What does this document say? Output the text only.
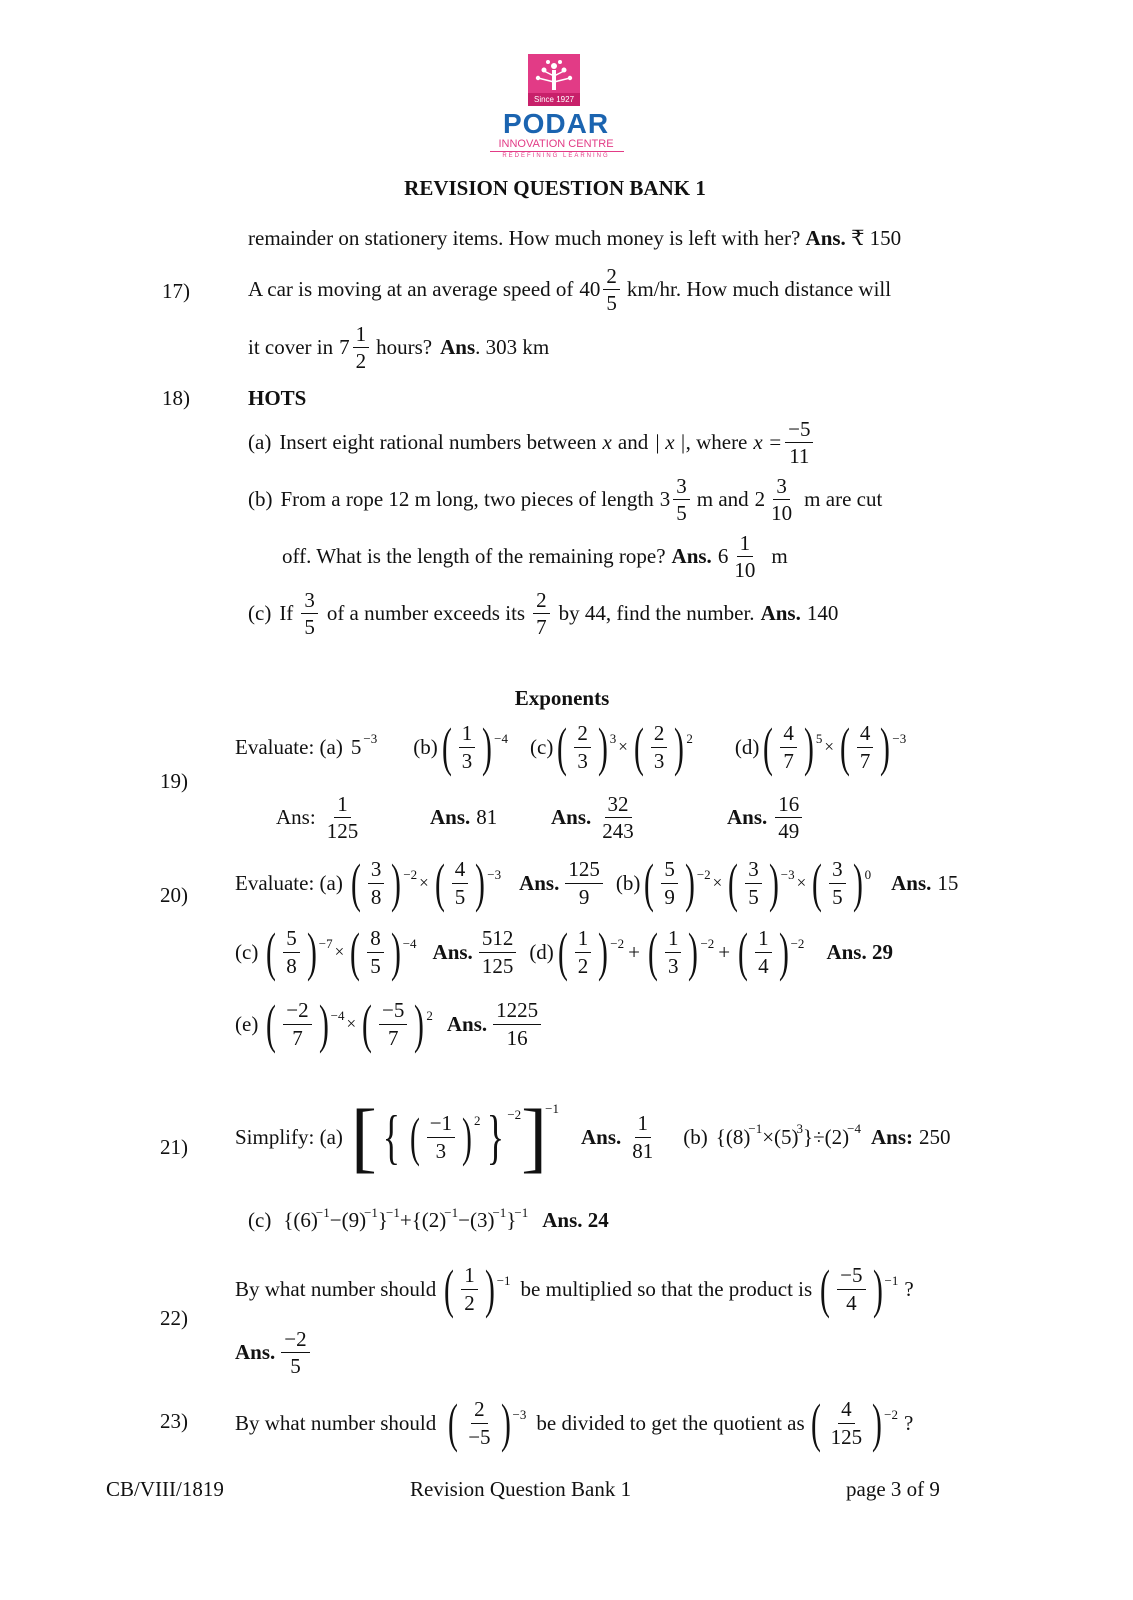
Since 1927
PODAR
INNOVATION CENTRE
REDEFINING LEARNING
REVISION QUESTION BANK 1
remainder on stationery items. How much money is left with her? Ans. ₹ 150
17)	A car is moving at an average speed of $40 \frac{2}{5} km/hr$. How much distance will
it cover in $7 \frac{1}{2}$ hours? Ans . 303 km
18)	HOTS
(a) Insert eight rational numbers between x and | x | , where $x = \frac{-5}{11}$
(b) From a rope 12 m long, two pieces of length $3 \frac{3}{5}$ m and $2 \frac{3}{10}$ m are cut
off. What is the length of the remaining rope? Ans. $6 \frac{1}{10}$ m
(c) If $\frac{3}{5}$ of a number exceeds its $\frac{2}{7}$ by 44, find the number. Ans. 140
Exponents
19)
Evaluate: (a) 5 −3 (b) ( $\frac{1}{3}$ ) −4 (c) ( $\frac{2}{3}$ ) 3 × ( $\frac{2}{3}$ ) 2 (d) ( $\frac{4}{7}$ ) 5 × ( $\frac{4}{7}$ ) −3
Ans: $\frac{1}{125}$	Ans. 81	Ans. $\frac{32}{243}$	Ans. $\frac{16}{49}$
20)
Evaluate: (a) ( $\frac{3}{8}$ ) −2 × ( $\frac{4}{5}$ ) −3 Ans. $\frac{125}{9} (b)$ ( $\frac{5}{9}$ ) −2 × ( $\frac{3}{5}$ ) −3 × ( $\frac{3}{5}$ ) 0 Ans. 15
(c) ( $\frac{5}{8}$ ) −7 × ( $\frac{8}{5}$ ) −4 Ans. $\frac{512}{125} (d)$ ( $\frac{1}{2}$ ) −2 + ( $\frac{1}{3}$ ) −2 + ( $\frac{1}{4}$ ) −2 Ans. 29
(e) ( $\frac{-2}{7}$ ) −4 × ( $\frac{-5}{7}$ ) 2 Ans. $\frac{1225}{16}$
21) Simplify: (a) [ { ( $\frac{-1}{3}$ ) 2 } −2 ]
−1
Ans. $\frac{1}{81} (b)$ {(8)
−1 ×(5)
3 }÷(2)
−4 Ans: 250
(c) {(6)
−1 −(9)
−1 }
−1 +{(2)
−1 −(3)
−1 }
−1 Ans. 24
22)
By what number should ( $\frac{1}{2}$ ) −1 be multiplied so that the product is ( $\frac{-5}{4}$ ) −1 ?
Ans. $\frac{-2}{5}$
23) By what number should ( $\frac{2}{-5}$ ) −3 be divided to get the quotient as ( $\frac{4}{125}$ ) −2 ?
CB/VIII/1819	Revision Question Bank 1	page 3 of 9
